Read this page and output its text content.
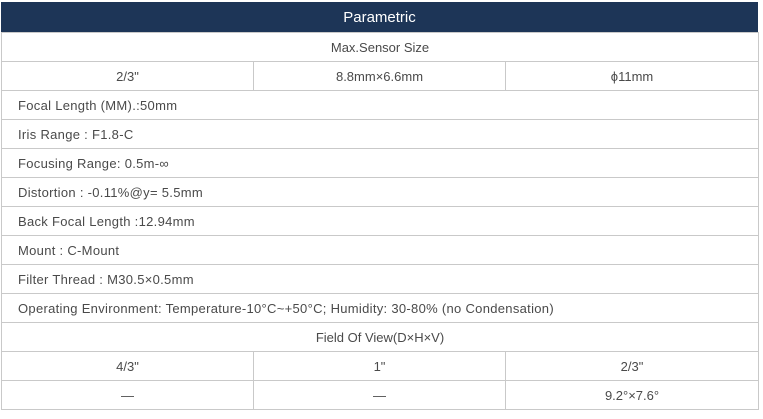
Parametric
Max.Sensor Size		
2/3"	8.8mm×6.6mm	ϕ11mm
Focal Length (MM).:50mm		
Iris Range : F1.8-C		
Focusing Range: 0.5m-∞		
Distortion : -0.11%@y= 5.5mm		
Back Focal Length :12.94mm		
Mount : C-Mount		
Filter Thread : M30.5×0.5mm		
Operating Environment: Temperature-10°C~+50°C; Humidity: 30-80% (no Condensation)		
Field Of View(D×H×V)		
4/3"	1"	2/3"
—	—	9.2°×7.6°
